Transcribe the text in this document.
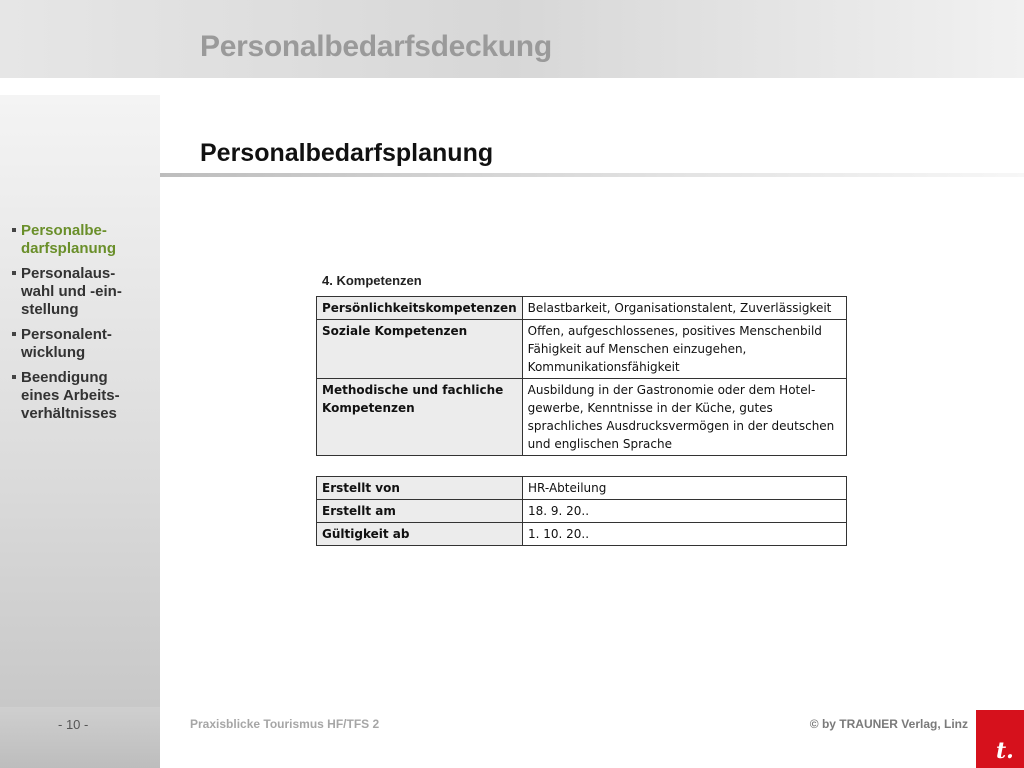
Personalbedarfsdeckung
Personalbe-
darfsplanung
Personalaus-
wahl und -ein-
stellung
Personalent-
wicklung
Beendigung
eines Arbeits-
verhältnisses
Personalbedarfsplanung
4. Kompetenzen
Persönlichkeitskompetenzen	Belastbarkeit, Organisationstalent, Zuverlässigkeit
Soziale Kompetenzen	Offen, aufgeschlossenes, positives Menschenbild
Fähigkeit auf Menschen einzugehen,
Kommunikationsfähigkeit
Methodische und fachliche
Kompetenzen	Ausbildung in der Gastronomie oder dem Hotel-
gewerbe, Kenntnisse in der Küche, gutes
sprachliches Ausdrucksvermögen in der deutschen
und englischen Sprache
Erstellt von	HR-Abteilung
Erstellt am	18. 9. 20..
Gültigkeit ab	1. 10. 20..
- 10 -	Praxisblicke Tourismus HF/TFS 2	© by TRAUNER Verlag, Linz
t.
